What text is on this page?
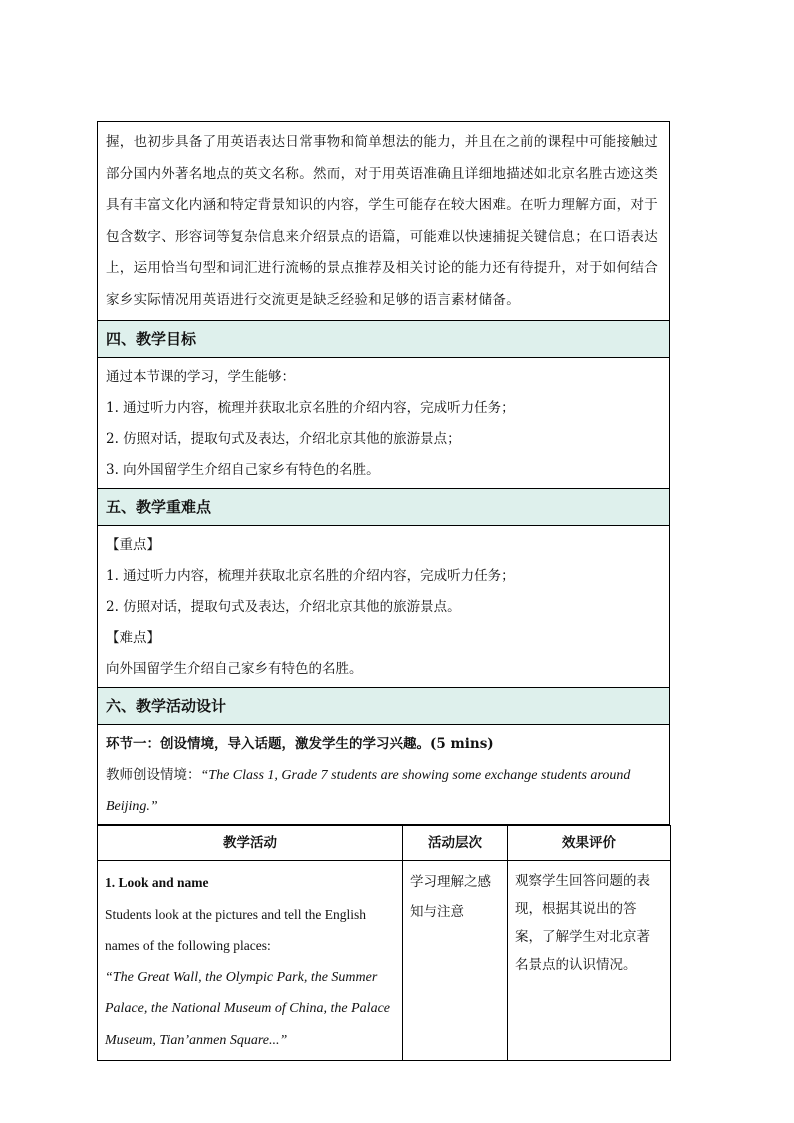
握，也初步具备了用英语表达日常事物和简单想法的能力，并且在之前的课程中可能接触过部分国内外著名地点的英文名称。然而，对于用英语准确且详细地描述如北京名胜古迹这类具有丰富文化内涵和特定背景知识的内容，学生可能存在较大困难。在听力理解方面，对于包含数字、形容词等复杂信息来介绍景点的语篇，可能难以快速捕捉关键信息；在口语表达上，运用恰当句型和词汇进行流畅的景点推荐及相关讨论的能力还有待提升，对于如何结合家乡实际情况用英语进行交流更是缺乏经验和足够的语言素材储备。
四、教学目标
通过本节课的学习，学生能够：
1. 通过听力内容，梳理并获取北京名胜的介绍内容，完成听力任务；
2. 仿照对话，提取句式及表达，介绍北京其他的旅游景点；
3. 向外国留学生介绍自己家乡有特色的名胜。
五、教学重难点
【重点】
1. 通过听力内容，梳理并获取北京名胜的介绍内容，完成听力任务；
2. 仿照对话，提取句式及表达，介绍北京其他的旅游景点。
【难点】
向外国留学生介绍自己家乡有特色的名胜。
六、教学活动设计
环节一：创设情境，导入话题，激发学生的学习兴趣。(5 mins)
教师创设情境：“The Class 1, Grade 7 students are showing some exchange students around Beijing.”
教学活动	活动层次	效果评价

1. Look and name
Students look at the pictures and tell the English names of the following places:
“The Great Wall, the Olympic Park, the Summer Palace, the National Museum of China, the Palace Museum, Tian’anmen Square...”	学习理解之感知与注意	观察学生回答问题的表现，根据其说出的答案，了解学生对北京著名景点的认识情况。
